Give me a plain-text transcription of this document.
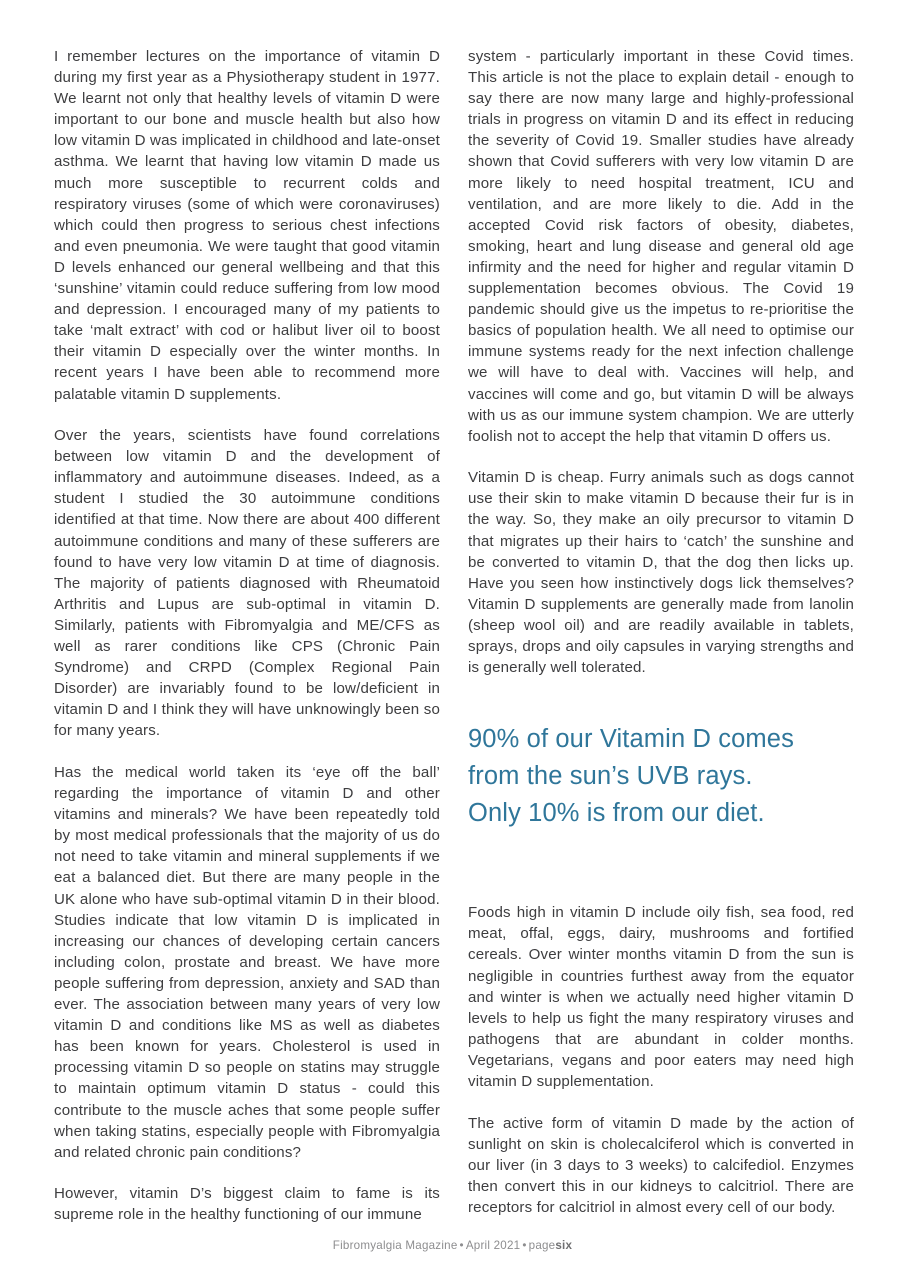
I remember lectures on the importance of vitamin D during my first year as a Physiotherapy student in 1977. We learnt not only that healthy levels of vitamin D were important to our bone and muscle health but also how low vitamin D was implicated in childhood and late-onset asthma. We learnt that having low vitamin D made us much more susceptible to recurrent colds and respiratory viruses (some of which were coronaviruses) which could then progress to serious chest infections and even pneumonia. We were taught that good vitamin D levels enhanced our general wellbeing and that this ‘sunshine’ vitamin could reduce suffering from low mood and depression. I encouraged many of my patients to take ‘malt extract’ with cod or halibut liver oil to boost their vitamin D especially over the winter months. In recent years I have been able to recommend more palatable vitamin D supplements.

Over the years, scientists have found correlations between low vitamin D and the development of inflammatory and autoimmune diseases. Indeed, as a student I studied the 30 autoimmune conditions identified at that time. Now there are about 400 different autoimmune conditions and many of these sufferers are found to have very low vitamin D at time of diagnosis. The majority of patients diagnosed with Rheumatoid Arthritis and Lupus are sub-optimal in vitamin D. Similarly, patients with Fibromyalgia and ME/CFS as well as rarer conditions like CPS (Chronic Pain Syndrome) and CRPD (Complex Regional Pain Disorder) are invariably found to be low/deficient in vitamin D and I think they will have unknowingly been so for many years.

Has the medical world taken its ‘eye off the ball’ regarding the importance of vitamin D and other vitamins and minerals? We have been repeatedly told by most medical professionals that the majority of us do not need to take vitamin and mineral supplements if we eat a balanced diet. But there are many people in the UK alone who have sub-optimal vitamin D in their blood. Studies indicate that low vitamin D is implicated in increasing our chances of developing certain cancers including colon, prostate and breast. We have more people suffering from depression, anxiety and SAD than ever. The association between many years of very low vitamin D and conditions like MS as well as diabetes has been known for years. Cholesterol is used in processing vitamin D so people on statins may struggle to maintain optimum vitamin D status - could this contribute to the muscle aches that some people suffer when taking statins, especially people with Fibromyalgia and related chronic pain conditions?

However, vitamin D’s biggest claim to fame is its supreme role in the healthy functioning of our immune

system - particularly important in these Covid times. This article is not the place to explain detail - enough to say there are now many large and highly-professional trials in progress on vitamin D and its effect in reducing the severity of Covid 19. Smaller studies have already shown that Covid sufferers with very low vitamin D are more likely to need hospital treatment, ICU and ventilation, and are more likely to die. Add in the accepted Covid risk factors of obesity, diabetes, smoking, heart and lung disease and general old age infirmity and the need for higher and regular vitamin D supplementation becomes obvious. The Covid 19 pandemic should give us the impetus to re-prioritise the basics of population health. We all need to optimise our immune systems ready for the next infection challenge we will have to deal with. Vaccines will help, and vaccines will come and go, but vitamin D will be always with us as our immune system champion. We are utterly foolish not to accept the help that vitamin D offers us.

Vitamin D is cheap. Furry animals such as dogs cannot use their skin to make vitamin D because their fur is in the way. So, they make an oily precursor to vitamin D that migrates up their hairs to ‘catch’ the sunshine and be converted to vitamin D, that the dog then licks up. Have you seen how instinctively dogs lick themselves? Vitamin D supplements are generally made from lanolin (sheep wool oil) and are readily available in tablets, sprays, drops and oily capsules in varying strengths and is generally well tolerated.

90% of our Vitamin D comes
from the sun’s UVB rays.
Only 10% is from our diet.

Foods high in vitamin D include oily fish, sea food, red meat, offal, eggs, dairy, mushrooms and fortified cereals. Over winter months vitamin D from the sun is negligible in countries furthest away from the equator and winter is when we actually need higher vitamin D levels to help us fight the many respiratory viruses and pathogens that are abundant in colder months. Vegetarians, vegans and poor eaters may need high vitamin D supplementation.

The active form of vitamin D made by the action of sunlight on skin is cholecalciferol which is converted in our liver (in 3 days to 3 weeks) to calcifediol. Enzymes then convert this in our kidneys to calcitriol. There are receptors for calcitriol in almost every cell of our body.

Fibromyalgia Magazine • April 2021 • pagesix
